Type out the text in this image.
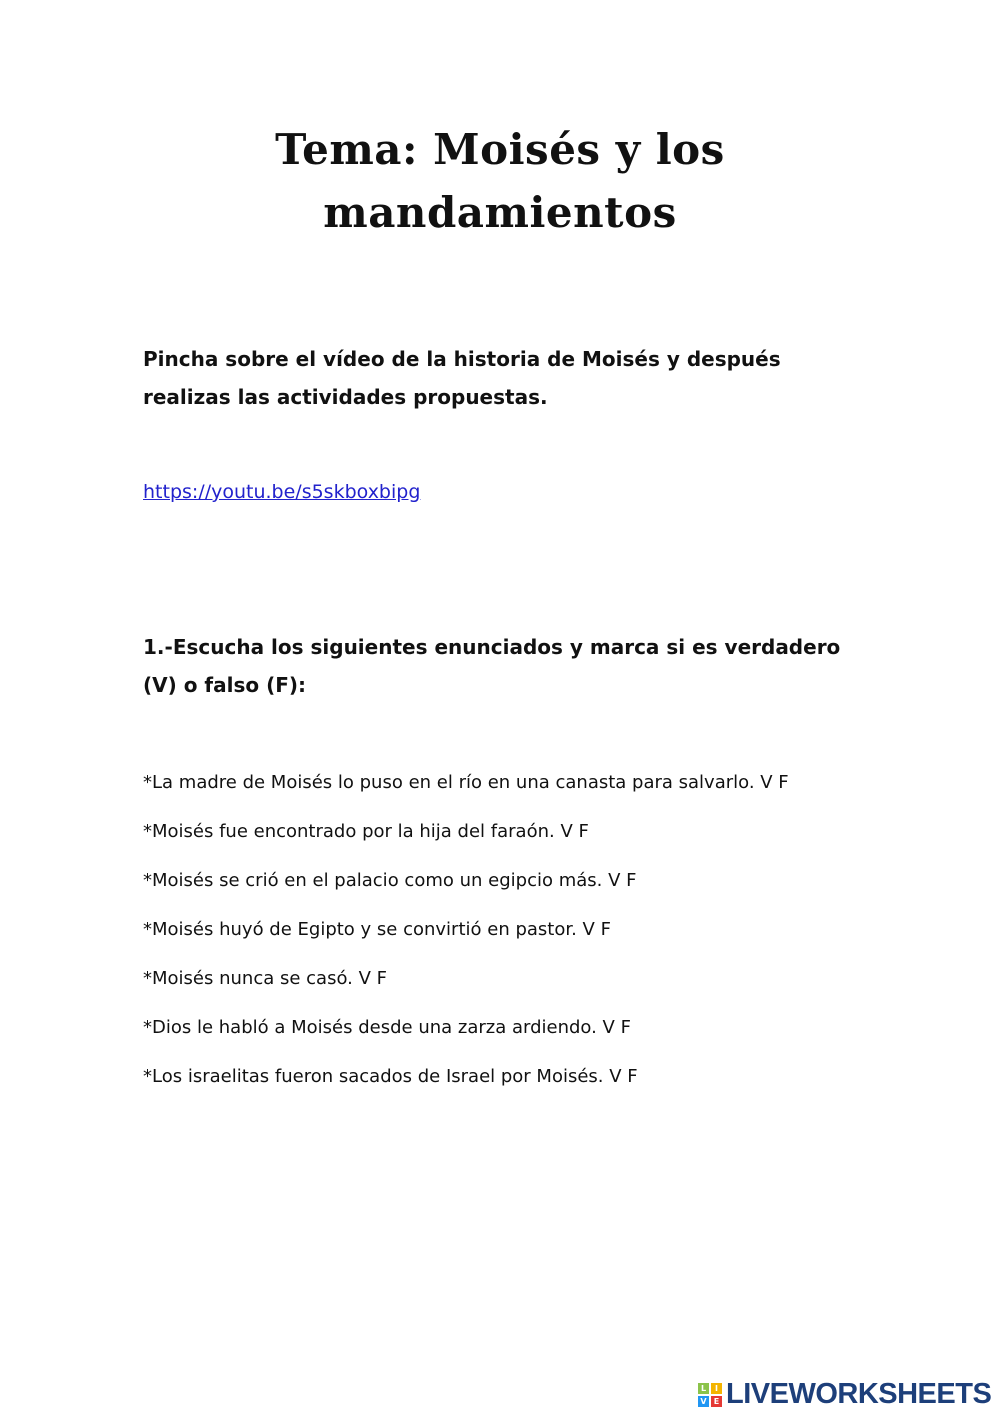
Tema: Moisés y los
mandamientos
Pincha sobre el vídeo de la historia de Moisés y después realizas las actividades propuestas.
https://youtu.be/s5skboxbipg
1.-Escucha los siguientes enunciados y marca si es verdadero (V) o falso (F):
*La madre de Moisés lo puso en el río en una canasta para salvarlo. V F
*Moisés fue encontrado por la hija del faraón. V F
*Moisés se crió en el palacio como un egipcio más. V F
*Moisés huyó de Egipto y se convirtió en pastor. V F
*Moisés nunca se casó. V F
*Dios le habló a Moisés desde una zarza ardiendo. V F
*Los israelitas fueron sacados de Israel por Moisés. V F
L	I
V E LIVEWORKSHEETS
